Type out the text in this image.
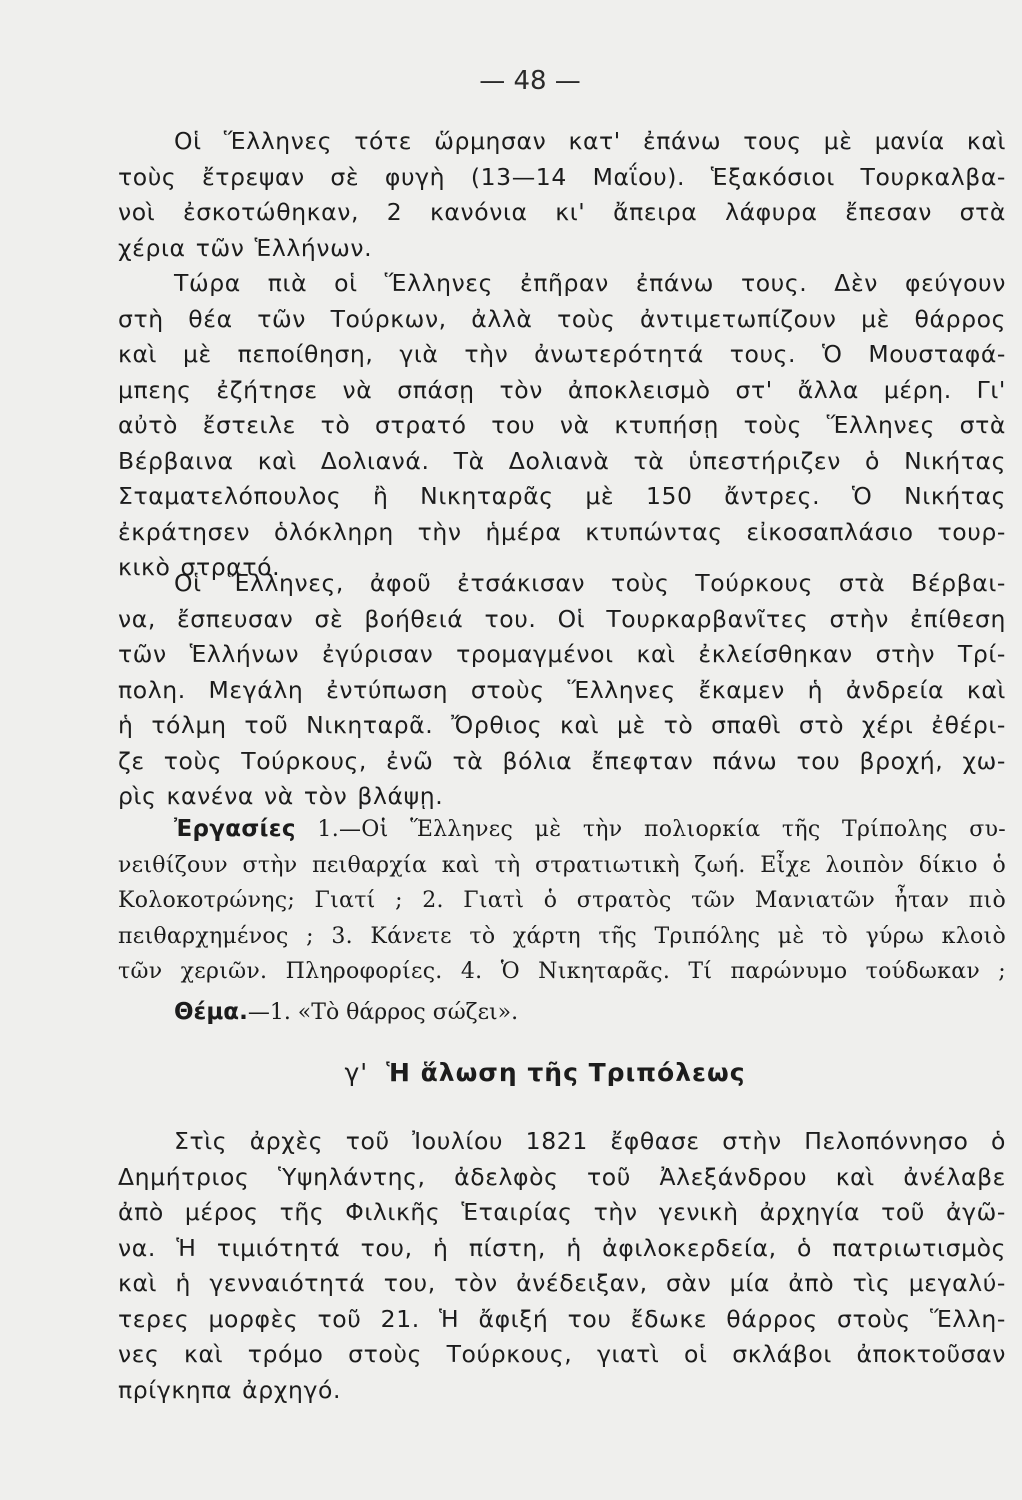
— 48 —
Οἱ Ἕλληνες τότε ὥρμησαν κατ' ἐπάνω τους μὲ μανία καὶ
τοὺς ἔτρεψαν σὲ φυγὴ (13—14 Μαΐου). Ἑξακόσιοι Τουρκαλβα-
νοὶ ἐσκοτώθηκαν, 2 κανόνια κι' ἄπειρα λάφυρα ἔπεσαν στὰ
χέρια τῶν Ἑλλήνων.
Τώρα πιὰ οἱ Ἕλληνες ἐπῆραν ἐπάνω τους. Δὲν φεύγουν
στὴ θέα τῶν Τούρκων, ἀλλὰ τοὺς ἀντιμετωπίζουν μὲ θάρρος
καὶ μὲ πεποίθηση, γιὰ τὴν ἀνωτερότητά τους. Ὁ Μουσταφά-
μπεης ἐζήτησε νὰ σπάσῃ τὸν ἀποκλεισμὸ στ' ἄλλα μέρη. Γι'
αὐτὸ ἔστειλε τὸ στρατό του νὰ κτυπήσῃ τοὺς Ἕλληνες στὰ
Βέρβαινα καὶ Δολιανά. Τὰ Δολιανὰ τὰ ὑπεστήριζεν ὁ Νικήτας
Σταματελόπουλος ἢ Νικηταρᾶς μὲ 150 ἄντρες. Ὁ Νικήτας
ἐκράτησεν ὁλόκληρη τὴν ἡμέρα κτυπώντας εἰκοσαπλάσιο τουρ-
κικὸ στρατό.
Οἱ Ἕλληνες, ἀφοῦ ἐτσάκισαν τοὺς Τούρκους στὰ Βέρβαι-
να, ἔσπευσαν σὲ βοήθειά του. Οἱ Τουρκαρβανῖτες στὴν ἐπίθεση
τῶν Ἑλλήνων ἐγύρισαν τρομαγμένοι καὶ ἐκλείσθηκαν στὴν Τρί-
πολη. Μεγάλη ἐντύπωση στοὺς Ἕλληνες ἔκαμεν ἡ ἀνδρεία καὶ
ἡ τόλμη τοῦ Νικηταρᾶ. Ὄρθιος καὶ μὲ τὸ σπαθὶ στὸ χέρι ἐθέρι-
ζε τοὺς Τούρκους, ἐνῶ τὰ βόλια ἔπεφταν πάνω του βροχή, χω-
ρὶς κανένα νὰ τὸν βλάψῃ.
Ἐργασίες 1.—Οἱ Ἕλληνες μὲ τὴν πολιορκία τῆς Τρίπολης συ-
νειθίζουν στὴν πειθαρχία καὶ τὴ στρατιωτικὴ ζωή. Εἶχε λοιπὸν δίκιο ὁ
Κολοκοτρώνης; Γιατί ; 2. Γιατὶ ὁ στρατὸς τῶν Μανιατῶν ἦταν πιὸ
πειθαρχημένος ; 3. Κάνετε τὸ χάρτη τῆς Τριπόλης μὲ τὸ γύρω κλοιὸ
τῶν χεριῶν. Πληροφορίες. 4. Ὁ Νικηταρᾶς. Τί παρώνυμο τούδωκαν ;
Θέμα.—1. «Τὸ θάρρος σώζει».
γ' Ἡ ἅλωση τῆς Τριπόλεως
Στὶς ἀρχὲς τοῦ Ἰουλίου 1821 ἔφθασε στὴν Πελοπόννησο ὁ
Δημήτριος Ὑψηλάντης, ἀδελφὸς τοῦ Ἀλεξάνδρου καὶ ἀνέλαβε
ἀπὸ μέρος τῆς Φιλικῆς Ἑταιρίας τὴν γενικὴ ἀρχηγία τοῦ ἀγῶ-
να. Ἡ τιμιότητά του, ἡ πίστη, ἡ ἀφιλοκερδεία, ὁ πατριωτισμὸς
καὶ ἡ γενναιότητά του, τὸν ἀνέδειξαν, σὰν μία ἀπὸ τὶς μεγαλύ-
τερες μορφὲς τοῦ 21. Ἡ ἄφιξή του ἔδωκε θάρρος στοὺς Ἕλλη-
νες καὶ τρόμο στοὺς Τούρκους, γιατὶ οἱ σκλάβοι ἀποκτοῦσαν
πρίγκηπα ἀρχηγό.
